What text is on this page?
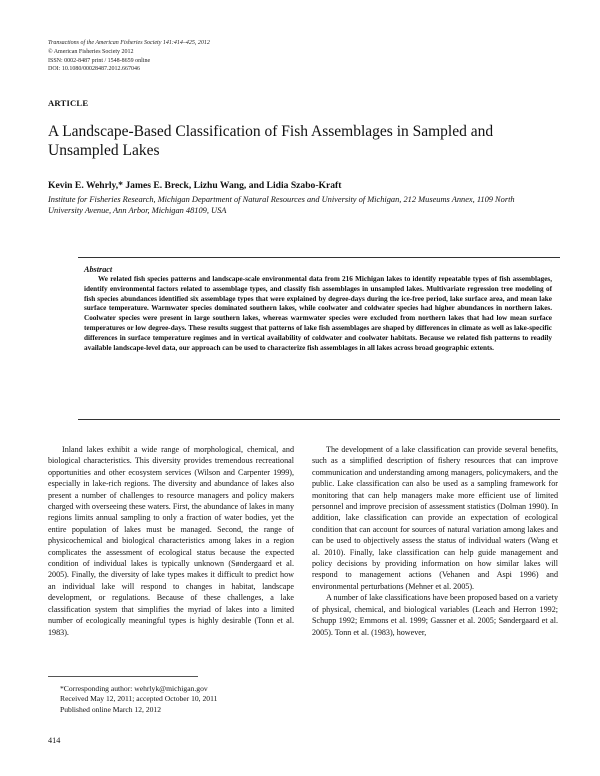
Transactions of the American Fisheries Society 141:414–425, 2012
© American Fisheries Society 2012
ISSN: 0002-8487 print / 1548-8659 online
DOI: 10.1080/00028487.2012.667046
ARTICLE
A Landscape-Based Classification of Fish Assemblages in Sampled and Unsampled Lakes
Kevin E. Wehrly,* James E. Breck, Lizhu Wang, and Lidia Szabo-Kraft
Institute for Fisheries Research, Michigan Department of Natural Resources and University of Michigan, 212 Museums Annex, 1109 North University Avenue, Ann Arbor, Michigan 48109, USA
Abstract

We related fish species patterns and landscape-scale environmental data from 216 Michigan lakes to identify repeatable types of fish assemblages, identify environmental factors related to assemblage types, and classify fish assemblages in unsampled lakes. Multivariate regression tree modeling of fish species abundances identified six assemblage types that were explained by degree-days during the ice-free period, lake surface area, and mean lake surface temperature. Warmwater species dominated southern lakes, while coolwater and coldwater species had higher abundances in northern lakes. Coolwater species were present in large southern lakes, whereas warmwater species were excluded from northern lakes that had low mean surface temperatures or low degree-days. These results suggest that patterns of lake fish assemblages are shaped by differences in climate as well as lake-specific differences in surface temperature regimes and in vertical availability of coldwater and coolwater habitats. Because we related fish patterns to readily available landscape-level data, our approach can be used to characterize fish assemblages in all lakes across broad geographic extents.

Inland lakes exhibit a wide range of morphological, chemical, and biological characteristics. This diversity provides tremendous recreational opportunities and other ecosystem services (Wilson and Carpenter 1999), especially in lake-rich regions. The diversity and abundance of lakes also present a number of challenges to resource managers and policy makers charged with overseeing these waters. First, the abundance of lakes in many regions limits annual sampling to only a fraction of water bodies, yet the entire population of lakes must be managed. Second, the range of physicochemical and biological characteristics among lakes in a region complicates the assessment of ecological status because the expected condition of individual lakes is typically unknown (Søndergaard et al. 2005). Finally, the diversity of lake types makes it difficult to predict how an individual lake will respond to changes in habitat, landscape development, or regulations. Because of these challenges, a lake classification system that simplifies the myriad of lakes into a limited number of ecologically meaningful types is highly desirable (Tonn et al. 1983).

The development of a lake classification can provide several benefits, such as a simplified description of fishery resources that can improve communication and understanding among managers, policymakers, and the public. Lake classification can also be used as a sampling framework for monitoring that can help managers make more efficient use of limited personnel and improve precision of assessment statistics (Dolman 1990). In addition, lake classification can provide an expectation of ecological condition that can account for sources of natural variation among lakes and can be used to objectively assess the status of individual waters (Wang et al. 2010). Finally, lake classification can help guide management and policy decisions by providing information on how similar lakes will respond to management actions (Vehanen and Aspi 1996) and environmental perturbations (Mehner et al. 2005).

A number of lake classifications have been proposed based on a variety of physical, chemical, and biological variables (Leach and Herron 1992; Schupp 1992; Emmons et al. 1999; Gassner et al. 2005; Søndergaard et al. 2005). Tonn et al. (1983), however,

*Corresponding author: wehrlyk@michigan.gov
Received May 12, 2011; accepted October 10, 2011
Published online March 12, 2012
414
